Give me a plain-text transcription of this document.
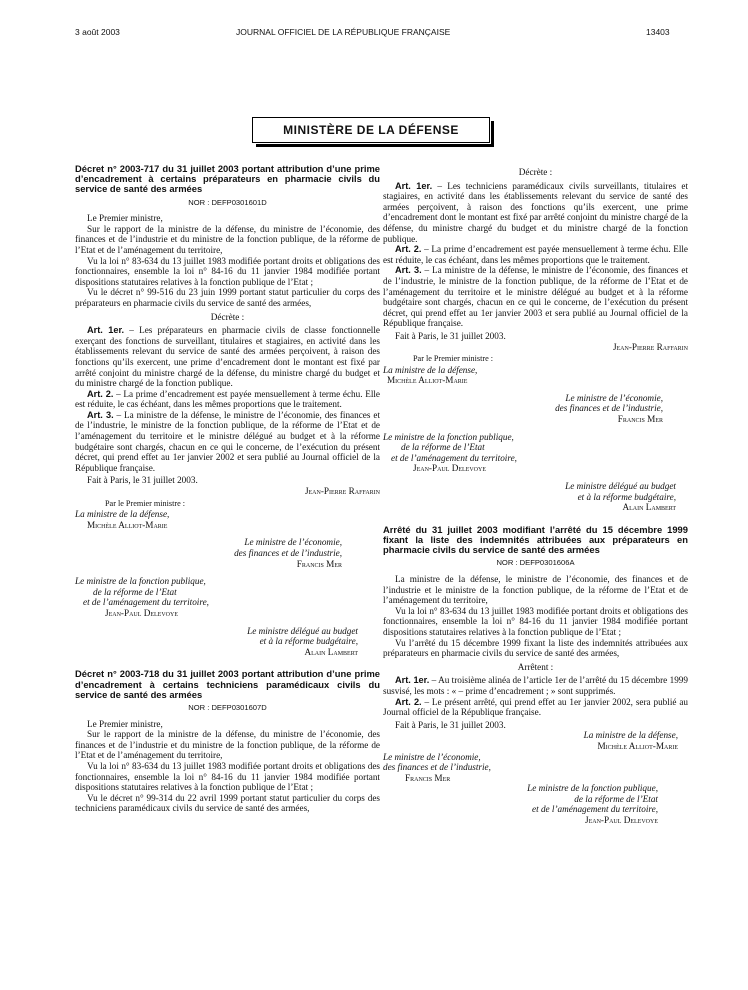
3 août 2003	JOURNAL OFFICIEL DE LA RÉPUBLIQUE FRANÇAISE	13403
MINISTÈRE DE LA DÉFENSE
Décret n° 2003-717 du 31 juillet 2003 portant attribution d’une prime d’encadrement à certains préparateurs en pharmacie civils du service de santé des armées
NOR : DEFP0301601D

Le Premier ministre,

Sur le rapport de la ministre de la défense, du ministre de l’économie, des finances et de l’industrie et du ministre de la fonction publique, de la réforme de l’Etat et de l’aménagement du territoire,

Vu la loi n° 83-634 du 13 juillet 1983 modifiée portant droits et obligations des fonctionnaires, ensemble la loi n° 84-16 du 11 janvier 1984 modifiée portant dispositions statutaires relatives à la fonction publique de l’Etat ;

Vu le décret n° 99-516 du 23 juin 1999 portant statut particulier du corps des préparateurs en pharmacie civils du service de santé des armées,

Décrète :

Art. 1er. – Les préparateurs en pharmacie civils de classe fonctionnelle exerçant des fonctions de surveillant, titulaires et stagiaires, en activité dans les établissements relevant du service de santé des armées perçoivent, à raison des fonctions qu’ils exercent, une prime d’encadrement dont le montant est fixé par arrêté conjoint du ministre chargé de la défense, du ministre chargé du budget et du ministre chargé de la fonction publique.

Art. 2. – La prime d’encadrement est payée mensuellement à terme échu. Elle est réduite, le cas échéant, dans les mêmes proportions que le traitement.

Art. 3. – La ministre de la défense, le ministre de l’économie, des finances et de l’industrie, le ministre de la fonction publique, de la réforme de l’Etat et de l’aménagement du territoire et le ministre délégué au budget et à la réforme budgétaire sont chargés, chacun en ce qui le concerne, de l’exécution du présent décret, qui prend effet au 1er janvier 2002 et sera publié au Journal officiel de la République française.

Fait à Paris, le 31 juillet 2003.

Jean-Pierre Raffarin

Par le Premier ministre :

La ministre de la défense,
Michèle Alliot-Marie
Le ministre de l’économie,
des finances et de l’industrie,
Francis Mer
Le ministre de la fonction publique,
de la réforme de l’Etat
et de l’aménagement du territoire,
Jean-Paul Delevoye
Le ministre délégué au budget
et à la réforme budgétaire,
Alain Lambert
Décret n° 2003-718 du 31 juillet 2003 portant attribution d’une prime d’encadrement à certains techniciens paramédicaux civils du service de santé des armées
NOR : DEFP0301607D

Le Premier ministre,

Sur le rapport de la ministre de la défense, du ministre de l’économie, des finances et de l’industrie et du ministre de la fonction publique, de la réforme de l’Etat et de l’aménagement du territoire,

Vu la loi n° 83-634 du 13 juillet 1983 modifiée portant droits et obligations des fonctionnaires, ensemble la loi n° 84-16 du 11 janvier 1984 modifiée portant dispositions statutaires relatives à la fonction publique de l’Etat ;

Vu le décret n° 99-314 du 22 avril 1999 portant statut particulier du corps des techniciens paramédicaux civils du service de santé des armées,

Décrète :

Art. 1er. – Les techniciens paramédicaux civils surveillants, titulaires et stagiaires, en activité dans les établissements relevant du service de santé des armées perçoivent, à raison des fonctions qu’ils exercent, une prime d’encadrement dont le montant est fixé par arrêté conjoint du ministre chargé de la défense, du ministre chargé du budget et du ministre chargé de la fonction publique.

Art. 2. – La prime d’encadrement est payée mensuellement à terme échu. Elle est réduite, le cas échéant, dans les mêmes proportions que le traitement.

Art. 3. – La ministre de la défense, le ministre de l’économie, des finances et de l’industrie, le ministre de la fonction publique, de la réforme de l’Etat et de l’aménagement du territoire et le ministre délégué au budget et à la réforme budgétaire sont chargés, chacun en ce qui le concerne, de l’exécution du présent décret, qui prend effet au 1er janvier 2003 et sera publié au Journal officiel de la République française.

Fait à Paris, le 31 juillet 2003.

Jean-Pierre Raffarin

Par le Premier ministre :

La ministre de la défense,
Michèle Alliot-Marie
Le ministre de l’économie,
des finances et de l’industrie,
Francis Mer
Le ministre de la fonction publique,
de la réforme de l’Etat
et de l’aménagement du territoire,
Jean-Paul Delevoye
Le ministre délégué au budget
et à la réforme budgétaire,
Alain Lambert
Arrêté du 31 juillet 2003 modifiant l’arrêté du 15 décembre 1999 fixant la liste des indemnités attribuées aux préparateurs en pharmacie civils du service de santé des armées
NOR : DEFP0301606A

La ministre de la défense, le ministre de l’économie, des finances et de l’industrie et le ministre de la fonction publique, de la réforme de l’Etat et de l’aménagement du territoire,

Vu la loi n° 83-634 du 13 juillet 1983 modifiée portant droits et obligations des fonctionnaires, ensemble la loi n° 84-16 du 11 janvier 1984 modifiée portant dispositions statutaires relatives à la fonction publique de l’Etat ;

Vu l’arrêté du 15 décembre 1999 fixant la liste des indemnités attribuées aux préparateurs en pharmacie civils du service de santé des armées,

Arrêtent :

Art. 1er. – Au troisième alinéa de l’article 1er de l’arrêté du 15 décembre 1999 susvisé, les mots : « – prime d’encadrement ; » sont supprimés.

Art. 2. – Le présent arrêté, qui prend effet au 1er janvier 2002, sera publié au Journal officiel de la République française.

Fait à Paris, le 31 juillet 2003.

La ministre de la défense,
Michèle Alliot-Marie
Le ministre de l’économie,
des finances et de l’industrie,
Francis Mer
Le ministre de la fonction publique,
de la réforme de l’Etat
et de l’aménagement du territoire,
Jean-Paul Delevoye
